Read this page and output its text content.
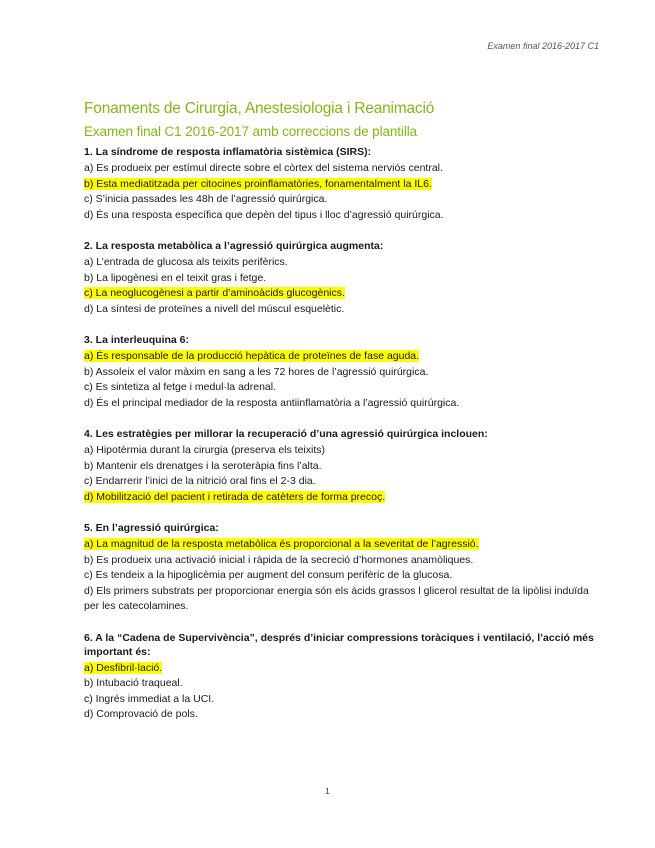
Examen final 2016-2017 C1
Fonaments de Cirurgia, Anestesiologia i Reanimació
Examen final C1 2016-2017 amb correccions de plantilla
1. La síndrome de resposta inflamatòria sistèmica (SIRS):
a) Es produeix per estímul directe sobre el còrtex del sistema nerviós central.
b) Esta mediatitzada per citocines proinflamatòries, fonamentalment la IL6.
c) S’inicia passades les 48h de l’agressió quirúrgica.
d) És una resposta específica que depèn del tipus i lloc d’agressió quirúrgica.
2. La resposta metabòlica a l’agressió quirúrgica augmenta:
a) L’entrada de glucosa als teixits perifèrics.
b) La lipogènesi en el teixit gras i fetge.
c) La neoglucogènesi a partir d’aminoàcids glucogènics.
d) La síntesi de proteïnes a nivell del múscul esquelètic.
3. La interleuquina 6:
a) És responsable de la producció hepàtica de proteïnes de fase aguda.
b) Assoleix el valor màxim en sang a les 72 hores de l’agressió quirúrgica.
c) Es sintetiza al fetge i medul·la adrenal.
d) És el principal mediador de la resposta antiinflamatòria a l’agressió quirúrgica.
4. Les estratègies per millorar la recuperació d’una agressió quirúrgica inclouen:
a) Hipotèrmia durant la cirurgia (preserva els teixits)
b) Mantenir els drenatges i la seroteràpia fins l’alta.
c) Endarrerir l’inici de la nitrició oral fins el 2-3 dia.
d) Mobilització del pacient i retirada de catèters de forma precoç.
5. En l’agressió quirúrgica:
a) La magnitud de la resposta metabòlica és proporcional a la severitat de l’agressió.
b) Es produeix una activació inicial i ràpida de la secreció d’hormones anamòliques.
c) Es tendeix a la hipoglicèmia per augment del consum perifèric de la glucosa.
d) Els primers substrats per proporcionar energia són els àcids grassos l glicerol resultat de la lipòlisi induïda per les catecolamines.
6. A la “Cadena de Supervivència”, després d’iniciar compressions toràciques i ventilació, l’acció més important és:
a) Desfibril·lació.
b) Intubació traqueal.
c) Ingrés immediat a la UCI.
d) Comprovació de pols.
1
